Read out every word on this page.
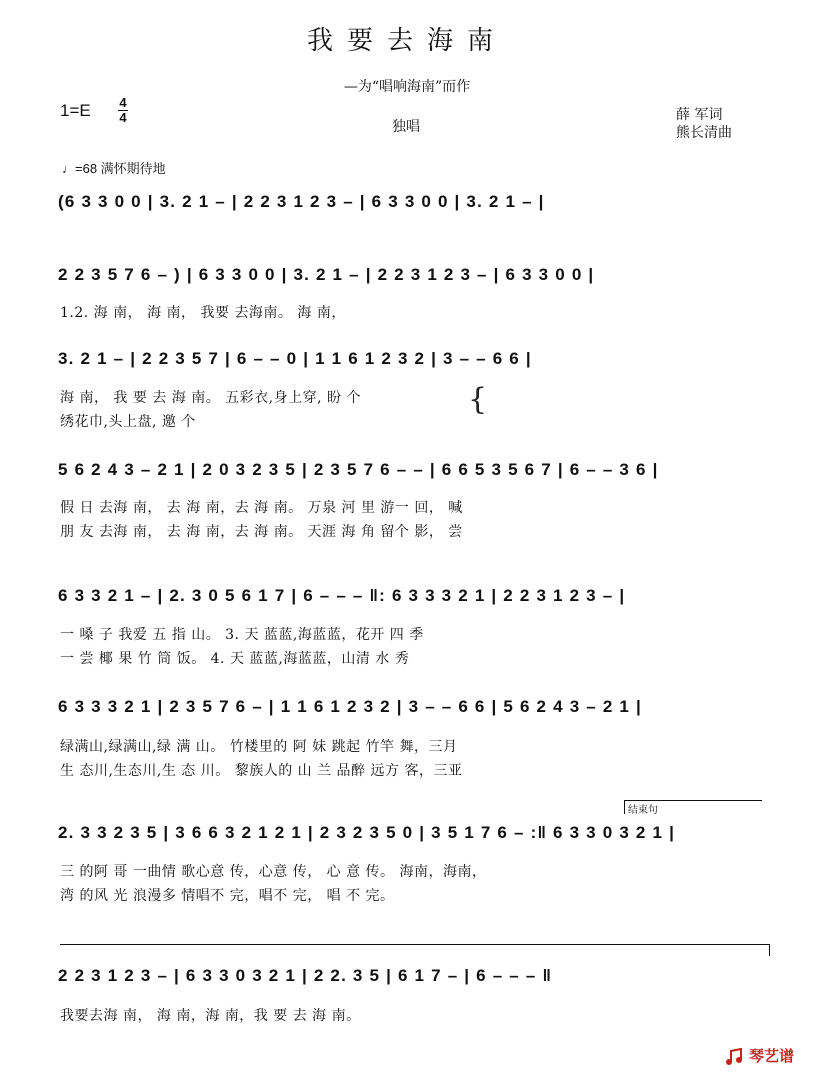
我要去海南
—为“唱响海南”而作
1=E 4
4
独唱
薛 军词
熊长清曲
♩=68 满怀期待地
(6 3 3 0 0 | 3. 2 1 – | 2 2 3 1 2 3 – | 6 3 3 0 0 | 3. 2 1 – |
2 2 3 5 7 6 – ) | 6 3 3 0 0 | 3. 2 1 – | 2 2 3 1 2 3 – | 6 3 3 0 0 |
1.2. 海 南， 海 南， 我要 去海南。 海 南，
3. 2 1 – | 2 2 3 5 7 | 6 – – 0 | 1 1 6 1 2 3 2 | 3 – – 6 6 |
海 南， 我 要 去 海 南。 五彩衣,身上穿, 盼 个
绣花巾,头上盘, 邀 个
{
5 6 2 4 3 – 2 1 | 2 0 3 2 3 5 | 2 3 5 7 6 – – | 6 6 5 3 5 6 7 | 6 – – 3 6 |
假 日 去海 南， 去 海 南，去 海 南。 万泉 河 里 游一 回， 喊
朋 友 去海 南， 去 海 南，去 海 南。 天涯 海 角 留个 影， 尝
6 3 3 2 1 – | 2. 3 0 5 6 1 7 | 6 – – – ‖: 6 3 3 3 2 1 | 2 2 3 1 2 3 – |
一 嗓 子 我爱 五 指 山。 3. 天 蓝蓝,海蓝蓝，花开 四 季
一 尝 椰 果 竹 筒 饭。 4. 天 蓝蓝,海蓝蓝，山清 水 秀
6 3 3 3 2 1 | 2 3 5 7 6 – | 1 1 6 1 2 3 2 | 3 – – 6 6 | 5 6 2 4 3 – 2 1 |
绿满山,绿满山,绿 满 山。 竹楼里的 阿 妹 跳起 竹竿 舞，三月
生 态川,生态川,生 态 川。 黎族人的 山 兰 品醉 远方 客，三亚
结束句
2. 3 3 2 3 5 | 3 6 6 3 2 1 2 1 | 2 3 2 3 5 0 | 3 5 1 7 6 – :‖ 6 3 3 0 3 2 1 |
三 的阿 哥 一曲情 歌心意 传，心意 传， 心 意 传。 海南，海南，
湾 的风 光 浪漫多 情唱不 完，唱不 完， 唱 不 完。
2 2 3 1 2 3 – | 6 3 3 0 3 2 1 | 2 2. 3 5 | 6 1 7 – | 6 – – – ‖
我要去海 南， 海 南，海 南，我 要 去 海 南。
琴艺谱
